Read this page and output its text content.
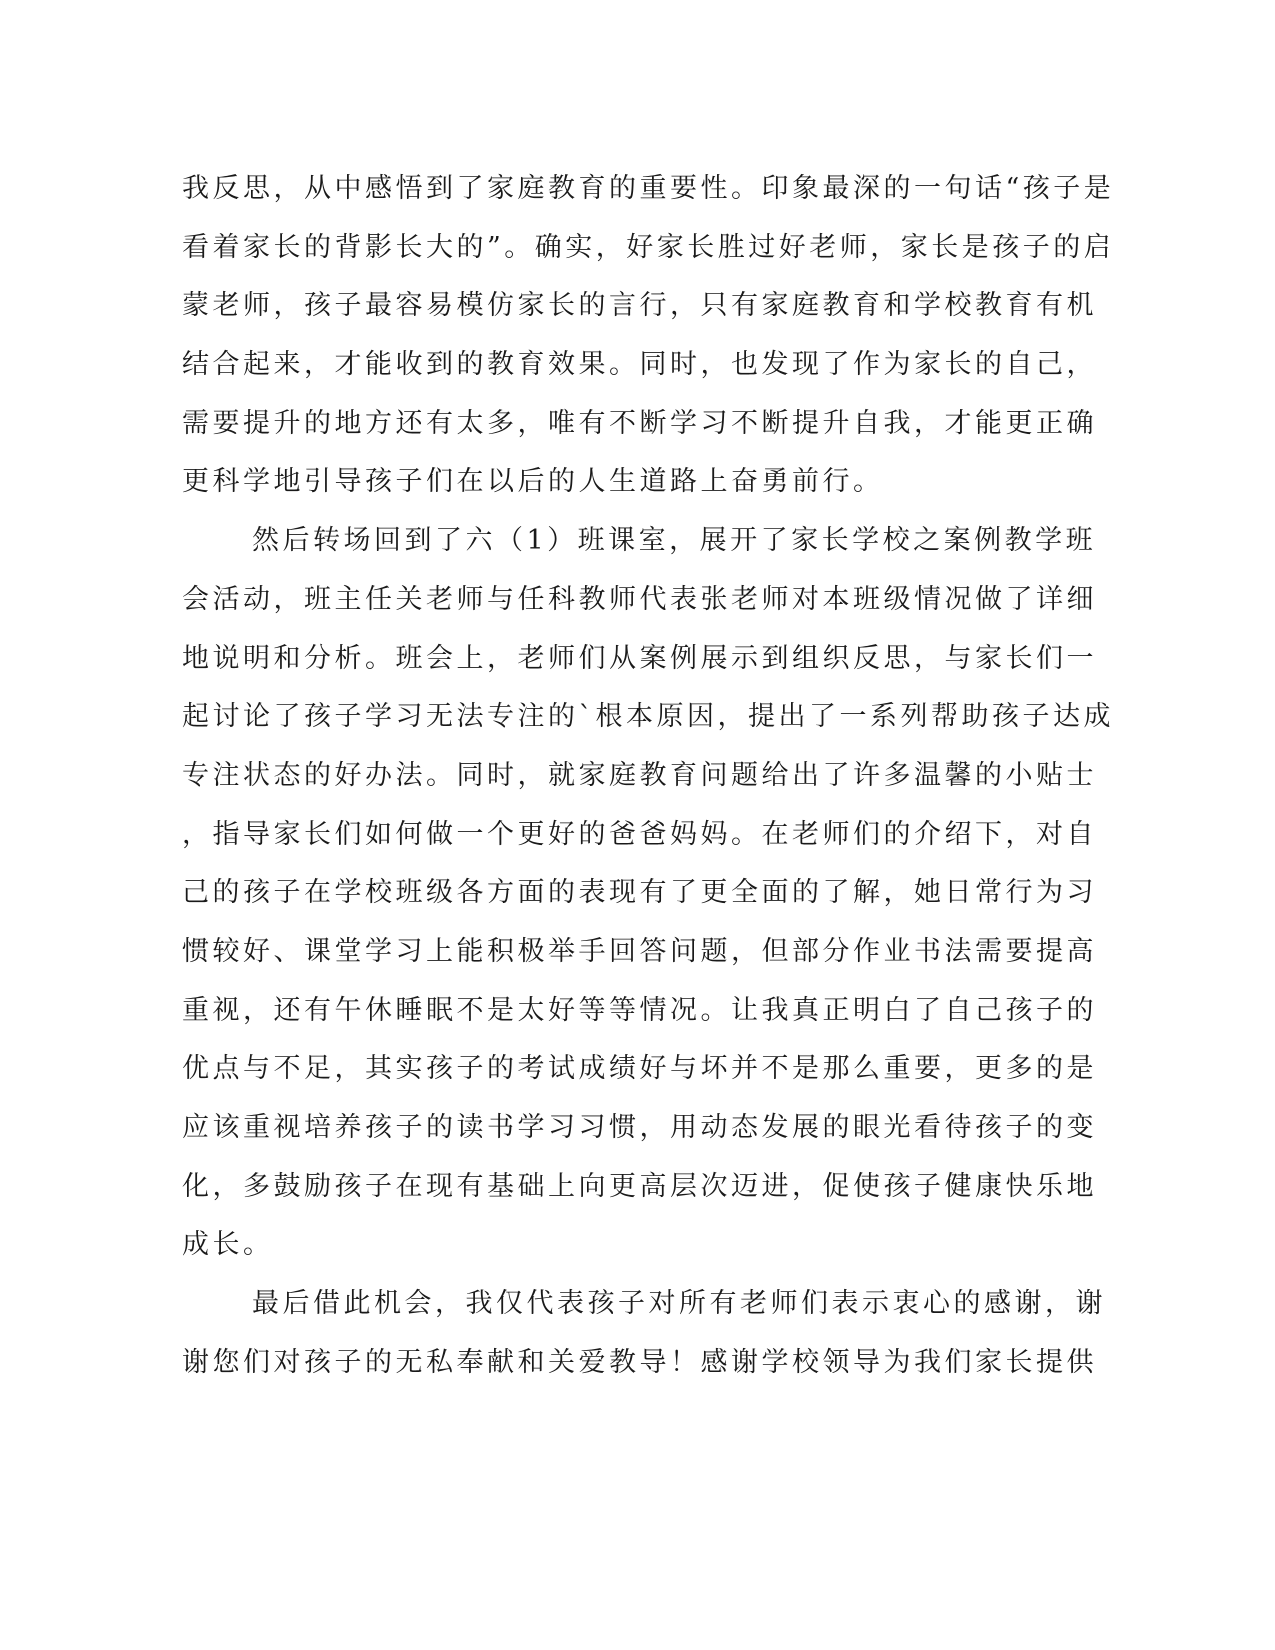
我反思，从中感悟到了家庭教育的重要性。印象最深的一句话“孩子是
看着家长的背影长大的”。确实，好家长胜过好老师，家长是孩子的启
蒙老师，孩子最容易模仿家长的言行，只有家庭教育和学校教育有机
结合起来，才能收到的教育效果。同时，也发现了作为家长的自己，
需要提升的地方还有太多，唯有不断学习不断提升自我，才能更正确
更科学地引导孩子们在以后的人生道路上奋勇前行。
然后转场回到了六（1）班课室，展开了家长学校之案例教学班
会活动，班主任关老师与任科教师代表张老师对本班级情况做了详细
地说明和分析。班会上，老师们从案例展示到组织反思，与家长们一
起讨论了孩子学习无法专注的`根本原因，提出了一系列帮助孩子达成
专注状态的好办法。同时，就家庭教育问题给出了许多温馨的小贴士
，指导家长们如何做一个更好的爸爸妈妈。在老师们的介绍下，对自
己的孩子在学校班级各方面的表现有了更全面的了解，她日常行为习
惯较好、课堂学习上能积极举手回答问题，但部分作业书法需要提高
重视，还有午休睡眠不是太好等等情况。让我真正明白了自己孩子的
优点与不足，其实孩子的考试成绩好与坏并不是那么重要，更多的是
应该重视培养孩子的读书学习习惯，用动态发展的眼光看待孩子的变
化，多鼓励孩子在现有基础上向更高层次迈进，促使孩子健康快乐地
成长。
最后借此机会，我仅代表孩子对所有老师们表示衷心的感谢，谢
谢您们对孩子的无私奉献和关爱教导！感谢学校领导为我们家长提供
